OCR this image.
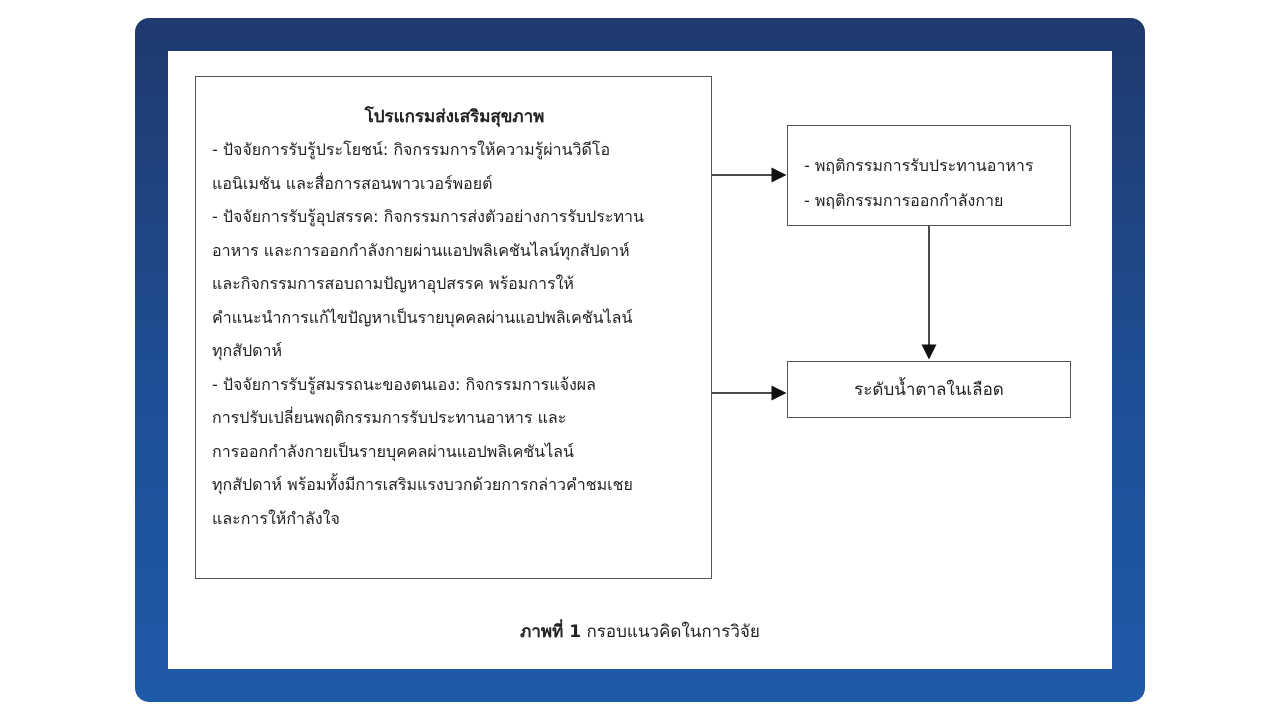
โปรแกรมส่งเสริมสุขภาพ
- ปัจจัยการรับรู้ประโยชน์: กิจกรรมการให้ความรู้ผ่านวิดีโอ
แอนิเมชัน และสื่อการสอนพาวเวอร์พอยต์
- ปัจจัยการรับรู้อุปสรรค: กิจกรรมการส่งตัวอย่างการรับประทาน
อาหาร และการออกกำลังกายผ่านแอปพลิเคชันไลน์ทุกสัปดาห์
และกิจกรรมการสอบถามปัญหาอุปสรรค พร้อมการให้
คำแนะนำการแก้ไขปัญหาเป็นรายบุคคลผ่านแอปพลิเคชันไลน์
ทุกสัปดาห์
- ปัจจัยการรับรู้สมรรถนะของตนเอง: กิจกรรมการแจ้งผล
การปรับเปลี่ยนพฤติกรรมการรับประทานอาหาร และ
การออกกำลังกายเป็นรายบุคคลผ่านแอปพลิเคชันไลน์
ทุกสัปดาห์ พร้อมทั้งมีการเสริมแรงบวกด้วยการกล่าวคำชมเชย
และการให้กำลังใจ
- พฤติกรรมการรับประทานอาหาร
- พฤติกรรมการออกกำลังกาย
ระดับน้ำตาลในเลือด
ภาพที่ 1 กรอบแนวคิดในการวิจัย
